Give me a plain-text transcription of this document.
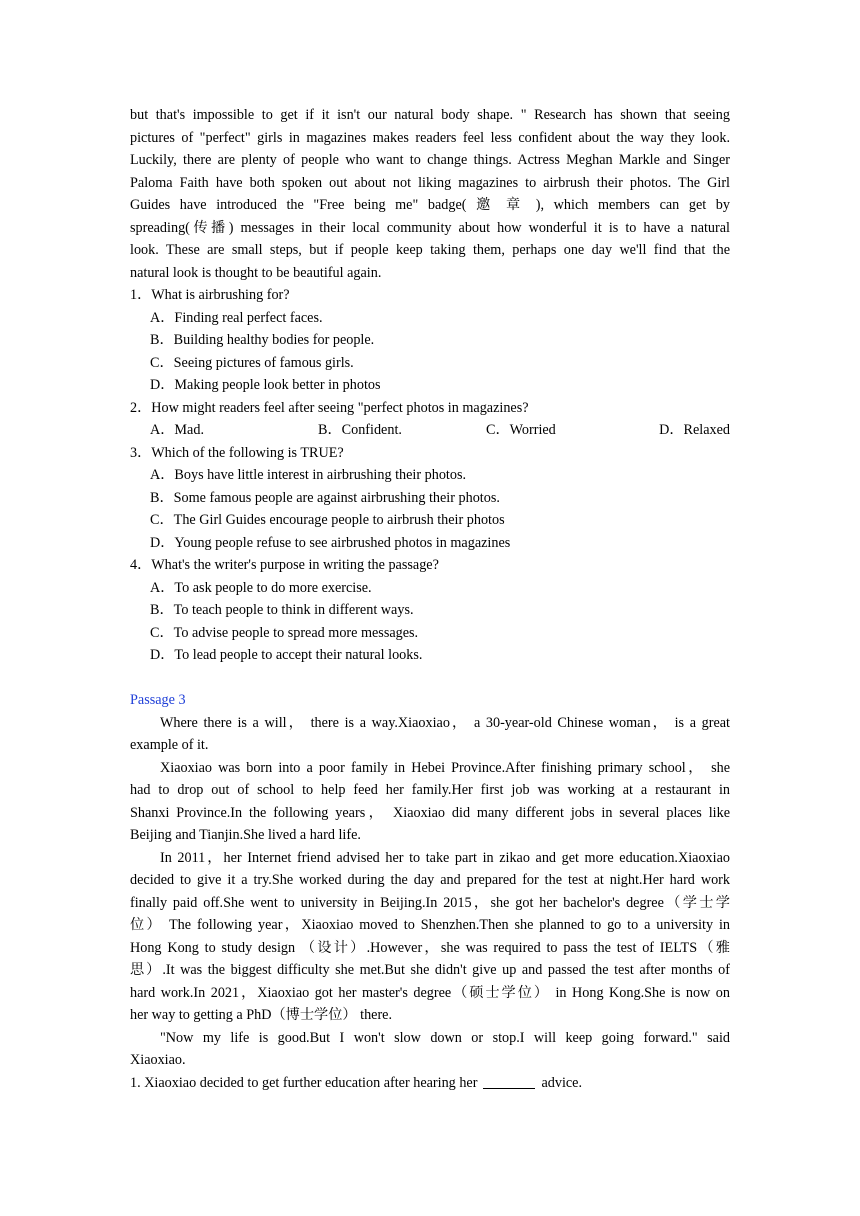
but that's impossible to get if it isn't our natural body shape. " Research has shown that seeing
pictures of "perfect" girls in magazines makes readers feel less confident about the way they look.
Luckily, there are plenty of people who want to change things. Actress Meghan Markle and Singer
Paloma Faith have both spoken out about not liking magazines to airbrush their photos. The Girl
Guides have introduced the "Free being me" badge( 邀 章 ), which members can get by
spreading(传播) messages in their local community about how wonderful it is to have a natural
look. These are small steps, but if people keep taking them, perhaps one day we'll find that the
natural look is thought to be beautiful again.
1．What is airbrushing for?
A．Finding real perfect faces.
B．Building healthy bodies for people.
C．Seeing pictures of famous girls.
D．Making people look better in photos
2．How might readers feel after seeing "perfect photos in magazines?
A．Mad.	B．Confident.	C．Worried	D．Relaxed
3．Which of the following is TRUE?
A．Boys have little interest in airbrushing their photos.
B．Some famous people are against airbrushing their photos.
C．The Girl Guides encourage people to airbrush their photos
D．Young people refuse to see airbrushed photos in magazines
4．What's the writer's purpose in writing the passage?
A．To ask people to do more exercise.
B．To teach people to think in different ways.
C．To advise people to spread more messages.
D．To lead people to accept their natural looks.
Passage 3
Where there is a will， there is a way.Xiaoxiao， a 30-year-old Chinese woman， is a great
example of it.
Xiaoxiao was born into a poor family in Hebei Province.After finishing primary school， she
had to drop out of school to help feed her family.Her first job was working at a restaurant in
Shanxi Province.In the following years， Xiaoxiao did many different jobs in several places like
Beijing and Tianjin.She lived a hard life.
In 2011，her Internet friend advised her to take part in zikao and get more education.Xiaoxiao
decided to give it a try.She worked during the day and prepared for the test at night.Her hard work
finally paid off.She went to university in Beijing.In 2015，she got her bachelor's degree（学士学
位） The following year，Xiaoxiao moved to Shenzhen.Then she planned to go to a university in
Hong Kong to study design （设计）.However，she was required to pass the test of IELTS（雅
思）.It was the biggest difficulty she met.But she didn't give up and passed the test after months of
hard work.In 2021，Xiaoxiao got her master's degree（硕士学位） in Hong Kong.She is now on
her way to getting a PhD（博士学位） there.
"Now my life is good.But I won't slow down or stop.I will keep going forward." said
Xiaoxiao.
1. Xiaoxiao decided to get further education after hearing her	advice.
